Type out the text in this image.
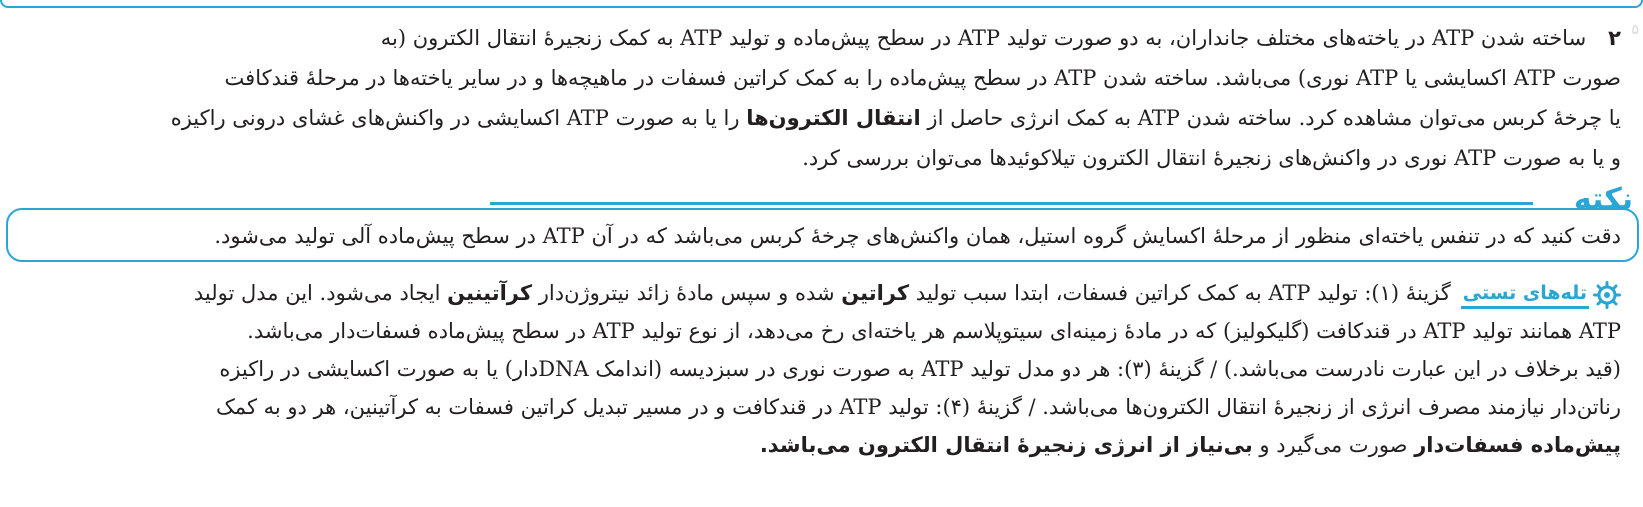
۵
۲ساخته شدن ATP در یاخته‌های مختلف جانداران، به دو صورت تولید ATP در سطح پیش‌ماده و تولید ATP به کمک زنجیرهٔ انتقال الکترون (به
صورت ATP اکسایشی یا ATP نوری) می‌باشد. ساخته شدن ATP در سطح پیش‌ماده را به کمک کراتین فسفات در ماهیچه‌ها و در سایر یاخته‌ها در مرحلهٔ قندکافت
یا چرخهٔ کربس می‌توان مشاهده کرد. ساخته شدن ATP به کمک انرژی حاصل از انتقال الکترون‌ها را یا به صورت ATP اکسایشی در واکنش‌های غشای درونی راکیزه
و یا به صورت ATP نوری در واکنش‌های زنجیرهٔ انتقال الکترون تیلاکوئیدها می‌توان بررسی کرد.
نکته
دقت کنید که در تنفس یاخته‌ای منظور از مرحلهٔ اکسایش گروه استیل، همان واکنش‌های چرخهٔ کربس می‌باشد که در آن ATP در سطح پیش‌ماده آلی تولید می‌شود.
تله‌های تستی
گزینهٔ (۱): تولید ATP به کمک کراتین فسفات، ابتدا سبب تولید کراتین شده و سپس مادهٔ زائد نیتروژن‌دار کرآتینین ایجاد می‌شود. این مدل تولید
ATP همانند تولید ATP در قندکافت (گلیکولیز) که در مادهٔ زمینه‌ای سیتوپلاسم هر یاخته‌ای رخ می‌دهد، از نوع تولید ATP در سطح پیش‌ماده فسفات‌دار می‌باشد.
(قید برخلاف در این عبارت نادرست می‌باشد.) / گزینهٔ (۳): هر دو مدل تولید ATP به صورت نوری در سبزدیسه (اندامک DNAدار) یا به صورت اکسایشی در راکیزه
رناتن‌دار نیازمند مصرف انرژی از زنجیرهٔ انتقال الکترون‌ها می‌باشد. / گزینهٔ (۴): تولید ATP در قندکافت و در مسیر تبدیل کراتین فسفات به کرآتینین، هر دو به کمک
پیش‌ماده فسفات‌دار صورت می‌گیرد و بی‌نیاز از انرژی زنجیرهٔ انتقال الکترون می‌باشد.
